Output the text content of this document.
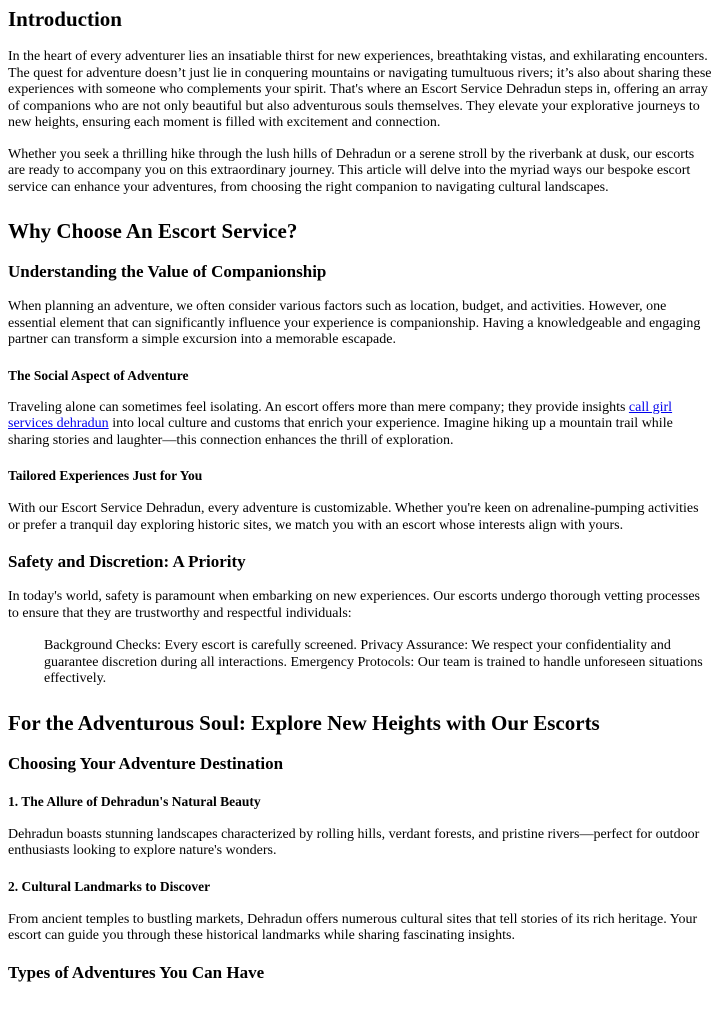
Introduction

In the heart of every adventurer lies an insatiable thirst for new experiences, breathtaking vistas, and exhilarating encounters. The quest for adventure doesn’t just lie in conquering mountains or navigating tumultuous rivers; it’s also about sharing these experiences with someone who complements your spirit. That's where an Escort Service Dehradun steps in, offering an array of companions who are not only beautiful but also adventurous souls themselves. They elevate your explorative journeys to new heights, ensuring each moment is filled with excitement and connection.

Whether you seek a thrilling hike through the lush hills of Dehradun or a serene stroll by the riverbank at dusk, our escorts are ready to accompany you on this extraordinary journey. This article will delve into the myriad ways our bespoke escort service can enhance your adventures, from choosing the right companion to navigating cultural landscapes.

Why Choose An Escort Service?
Understanding the Value of Companionship

When planning an adventure, we often consider various factors such as location, budget, and activities. However, one essential element that can significantly influence your experience is companionship. Having a knowledgeable and engaging partner can transform a simple excursion into a memorable escapade.

The Social Aspect of Adventure

Traveling alone can sometimes feel isolating. An escort offers more than mere company; they provide insights call girl services dehradun into local culture and customs that enrich your experience. Imagine hiking up a mountain trail while sharing stories and laughter—this connection enhances the thrill of exploration.

Tailored Experiences Just for You

With our Escort Service Dehradun, every adventure is customizable. Whether you're keen on adrenaline-pumping activities or prefer a tranquil day exploring historic sites, we match you with an escort whose interests align with yours.

Safety and Discretion: A Priority

In today's world, safety is paramount when embarking on new experiences. Our escorts undergo thorough vetting processes to ensure that they are trustworthy and respectful individuals:

Background Checks: Every escort is carefully screened. Privacy Assurance: We respect your confidentiality and guarantee discretion during all interactions. Emergency Protocols: Our team is trained to handle unforeseen situations effectively.
For the Adventurous Soul: Explore New Heights with Our Escorts
Choosing Your Adventure Destination
1. The Allure of Dehradun's Natural Beauty

Dehradun boasts stunning landscapes characterized by rolling hills, verdant forests, and pristine rivers—perfect for outdoor enthusiasts looking to explore nature's wonders.

2. Cultural Landmarks to Discover

From ancient temples to bustling markets, Dehradun offers numerous cultural sites that tell stories of its rich heritage. Your escort can guide you through these historical landmarks while sharing fascinating insights.

Types of Adventures You Can Have
